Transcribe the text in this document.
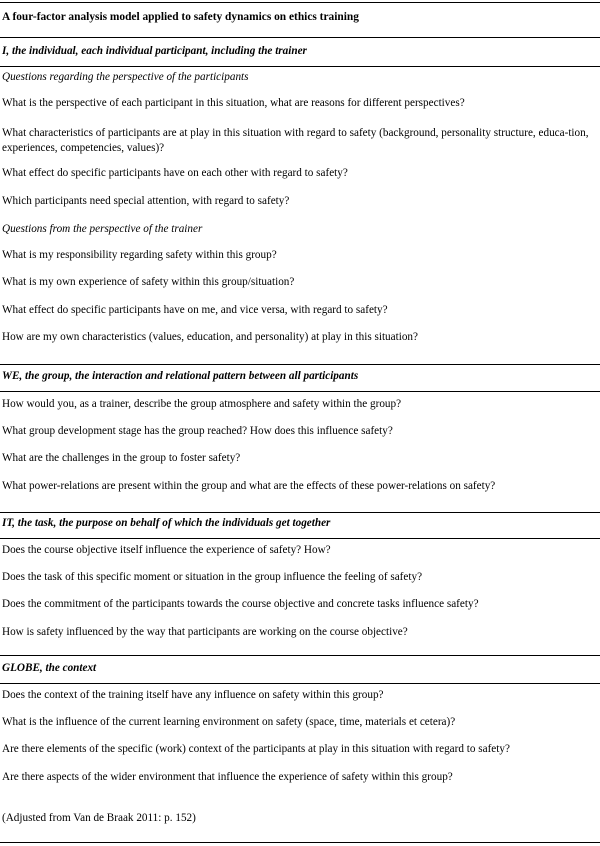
A four-factor analysis model applied to safety dynamics on ethics training
I, the individual, each individual participant, including the trainer
Questions regarding the perspective of the participants
What is the perspective of each participant in this situation, what are reasons for different perspectives?
What characteristics of participants are at play in this situation with regard to safety (background, personality structure, educa-tion, experiences, competencies, values)?
What effect do specific participants have on each other with regard to safety?
Which participants need special attention, with regard to safety?
Questions from the perspective of the trainer
What is my responsibility regarding safety within this group?
What is my own experience of safety within this group/situation?
What effect do specific participants have on me, and vice versa, with regard to safety?
How are my own characteristics (values, education, and personality) at play in this situation?
WE, the group, the interaction and relational pattern between all participants
How would you, as a trainer, describe the group atmosphere and safety within the group?
What group development stage has the group reached? How does this influence safety?
What are the challenges in the group to foster safety?
What power-relations are present within the group and what are the effects of these power-relations on safety?
IT, the task, the purpose on behalf of which the individuals get together
Does the course objective itself influence the experience of safety? How?
Does the task of this specific moment or situation in the group influence the feeling of safety?
Does the commitment of the participants towards the course objective and concrete tasks influence safety?
How is safety influenced by the way that participants are working on the course objective?
GLOBE, the context
Does the context of the training itself have any influence on safety within this group?
What is the influence of the current learning environment on safety (space, time, materials et cetera)?
Are there elements of the specific (work) context of the participants at play in this situation with regard to safety?
Are there aspects of the wider environment that influence the experience of safety within this group?
(Adjusted from Van de Braak 2011: p. 152)
